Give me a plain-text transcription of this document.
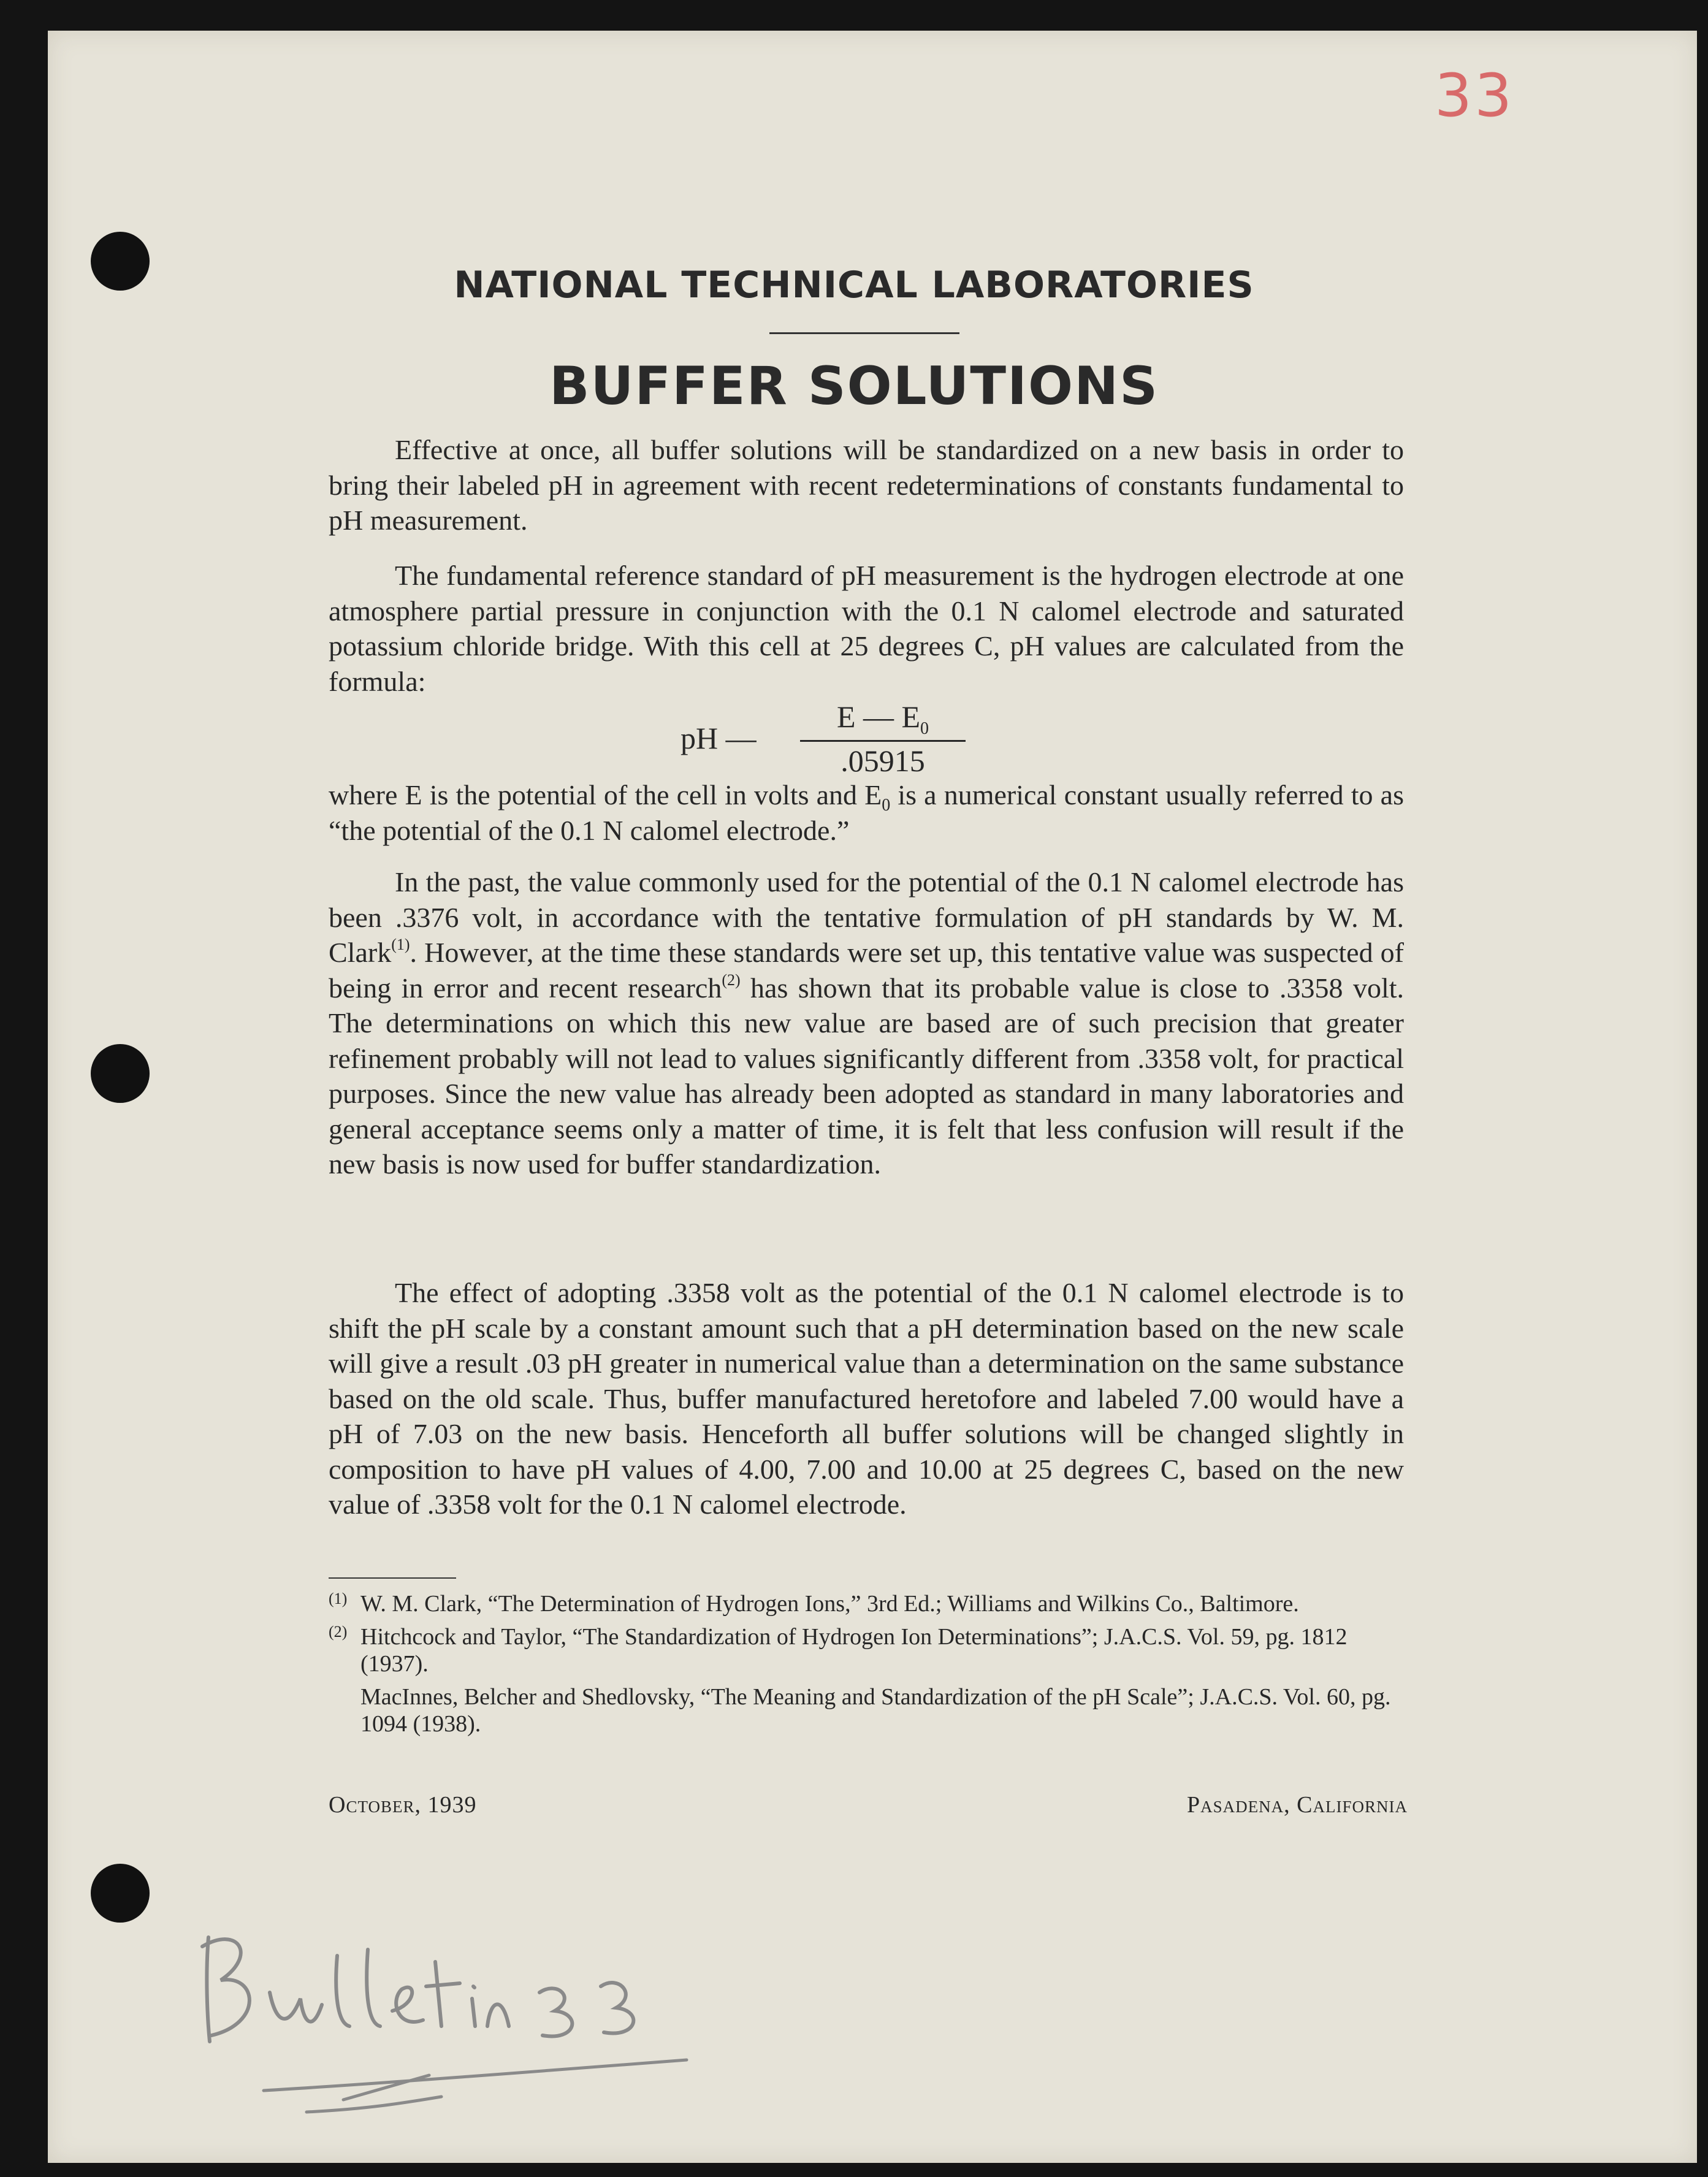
33
NATIONAL TECHNICAL LABORATORIES
BUFFER SOLUTIONS

Effective at once, all buffer solutions will be standardized on a new basis in order to bring their labeled pH in agreement with recent redeterminations of constants fundamental to pH measurement.

The fundamental reference standard of pH measurement is the hydrogen electrode at one atmosphere partial pressure in conjunction with the 0.1 N calomel electrode and saturated potassium chloride bridge. With this cell at 25 degrees C, pH values are calculated from the formula:

pH —
E — $E_0$
.05915

where E is the potential of the cell in volts and $E_0$ is a numerical constant usually referred to as “the potential of the 0.1 N calomel electrode.”

In the past, the value commonly used for the potential of the 0.1 N calomel electrode has been .3376 volt, in accordance with the tentative formulation of pH standards by W. M. Clark$^{(1)}$. However, at the time these standards were set up, this tentative value was suspected of being in error and recent research$^{(2)}$ has shown that its probable value is close to .3358 volt. The determinations on which this new value are based are of such precision that greater refinement probably will not lead to values significantly different from .3358 volt, for practical purposes. Since the new value has already been adopted as standard in many laboratories and general acceptance seems only a matter of time, it is felt that less confusion will result if the new basis is now used for buffer standardization.

The effect of adopting .3358 volt as the potential of the 0.1 N calomel electrode is to shift the pH scale by a constant amount such that a pH determination based on the new scale will give a result .03 pH greater in numerical value than a determination on the same substance based on the old scale. Thus, buffer manufactured heretofore and labeled 7.00 would have a pH of 7.03 on the new basis. Henceforth all buffer solutions will be changed slightly in composition to have pH values of 4.00, 7.00 and 10.00 at 25 degrees C, based on the new value of .3358 volt for the 0.1 N calomel electrode.

(1) W. M. Clark, “The Determination of Hydrogen Ions,” 3rd Ed.; Williams and Wilkins Co., Baltimore.
(2) Hitchcock and Taylor, “The Standardization of Hydrogen Ion Determinations”; J.A.C.S. Vol. 59, pg. 1812 (1937).
MacInnes, Belcher and Shedlovsky, “The Meaning and Standardization of the pH Scale”; J.A.C.S. Vol. 60, pg. 1094 (1938).
October, 1939	Pasadena, California
